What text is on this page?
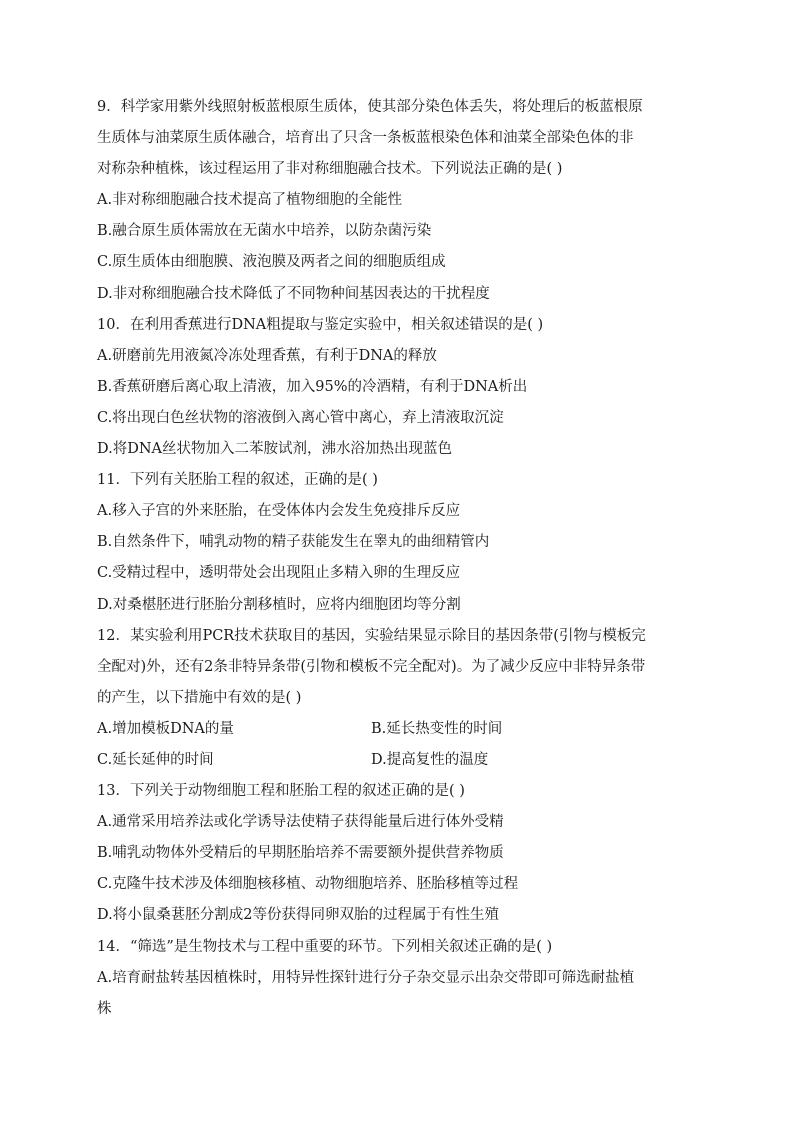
9．科学家用紫外线照射板蓝根原生质体，使其部分染色体丢失，将处理后的板蓝根原
生质体与油菜原生质体融合，培育出了只含一条板蓝根染色体和油菜全部染色体的非
对称杂种植株，该过程运用了非对称细胞融合技术。下列说法正确的是( )
A.非对称细胞融合技术提高了植物细胞的全能性
B.融合原生质体需放在无菌水中培养，以防杂菌污染
C.原生质体由细胞膜、液泡膜及两者之间的细胞质组成
D.非对称细胞融合技术降低了不同物种间基因表达的干扰程度
10．在利用香蕉进行DNA粗提取与鉴定实验中，相关叙述错误的是( )
A.研磨前先用液氮冷冻处理香蕉，有利于DNA的释放
B.香蕉研磨后离心取上清液，加入95%的冷酒精，有利于DNA析出
C.将出现白色丝状物的溶液倒入离心管中离心，弃上清液取沉淀
D.将DNA丝状物加入二苯胺试剂，沸水浴加热出现蓝色
11．下列有关胚胎工程的叙述，正确的是( )
A.移入子宫的外来胚胎，在受体体内会发生免疫排斥反应
B.自然条件下，哺乳动物的精子获能发生在睾丸的曲细精管内
C.受精过程中，透明带处会出现阻止多精入卵的生理反应
D.对桑椹胚进行胚胎分割移植时，应将内细胞团均等分割
12．某实验利用PCR技术获取目的基因，实验结果显示除目的基因条带(引物与模板完
全配对)外，还有2条非特异条带(引物和模板不完全配对)。为了减少反应中非特异条带
的产生，以下措施中有效的是( )
A.增加模板DNA的量	B.延长热变性的时间
C.延长延伸的时间	D.提高复性的温度
13．下列关于动物细胞工程和胚胎工程的叙述正确的是( )
A.通常采用培养法或化学诱导法使精子获得能量后进行体外受精
B.哺乳动物体外受精后的早期胚胎培养不需要额外提供营养物质
C.克隆牛技术涉及体细胞核移植、动物细胞培养、胚胎移植等过程
D.将小鼠桑葚胚分割成2等份获得同卵双胎的过程属于有性生殖
14．“筛选”是生物技术与工程中重要的环节。下列相关叙述正确的是( )
A.培育耐盐转基因植株时，用特异性探针进行分子杂交显示出杂交带即可筛选耐盐植
株
